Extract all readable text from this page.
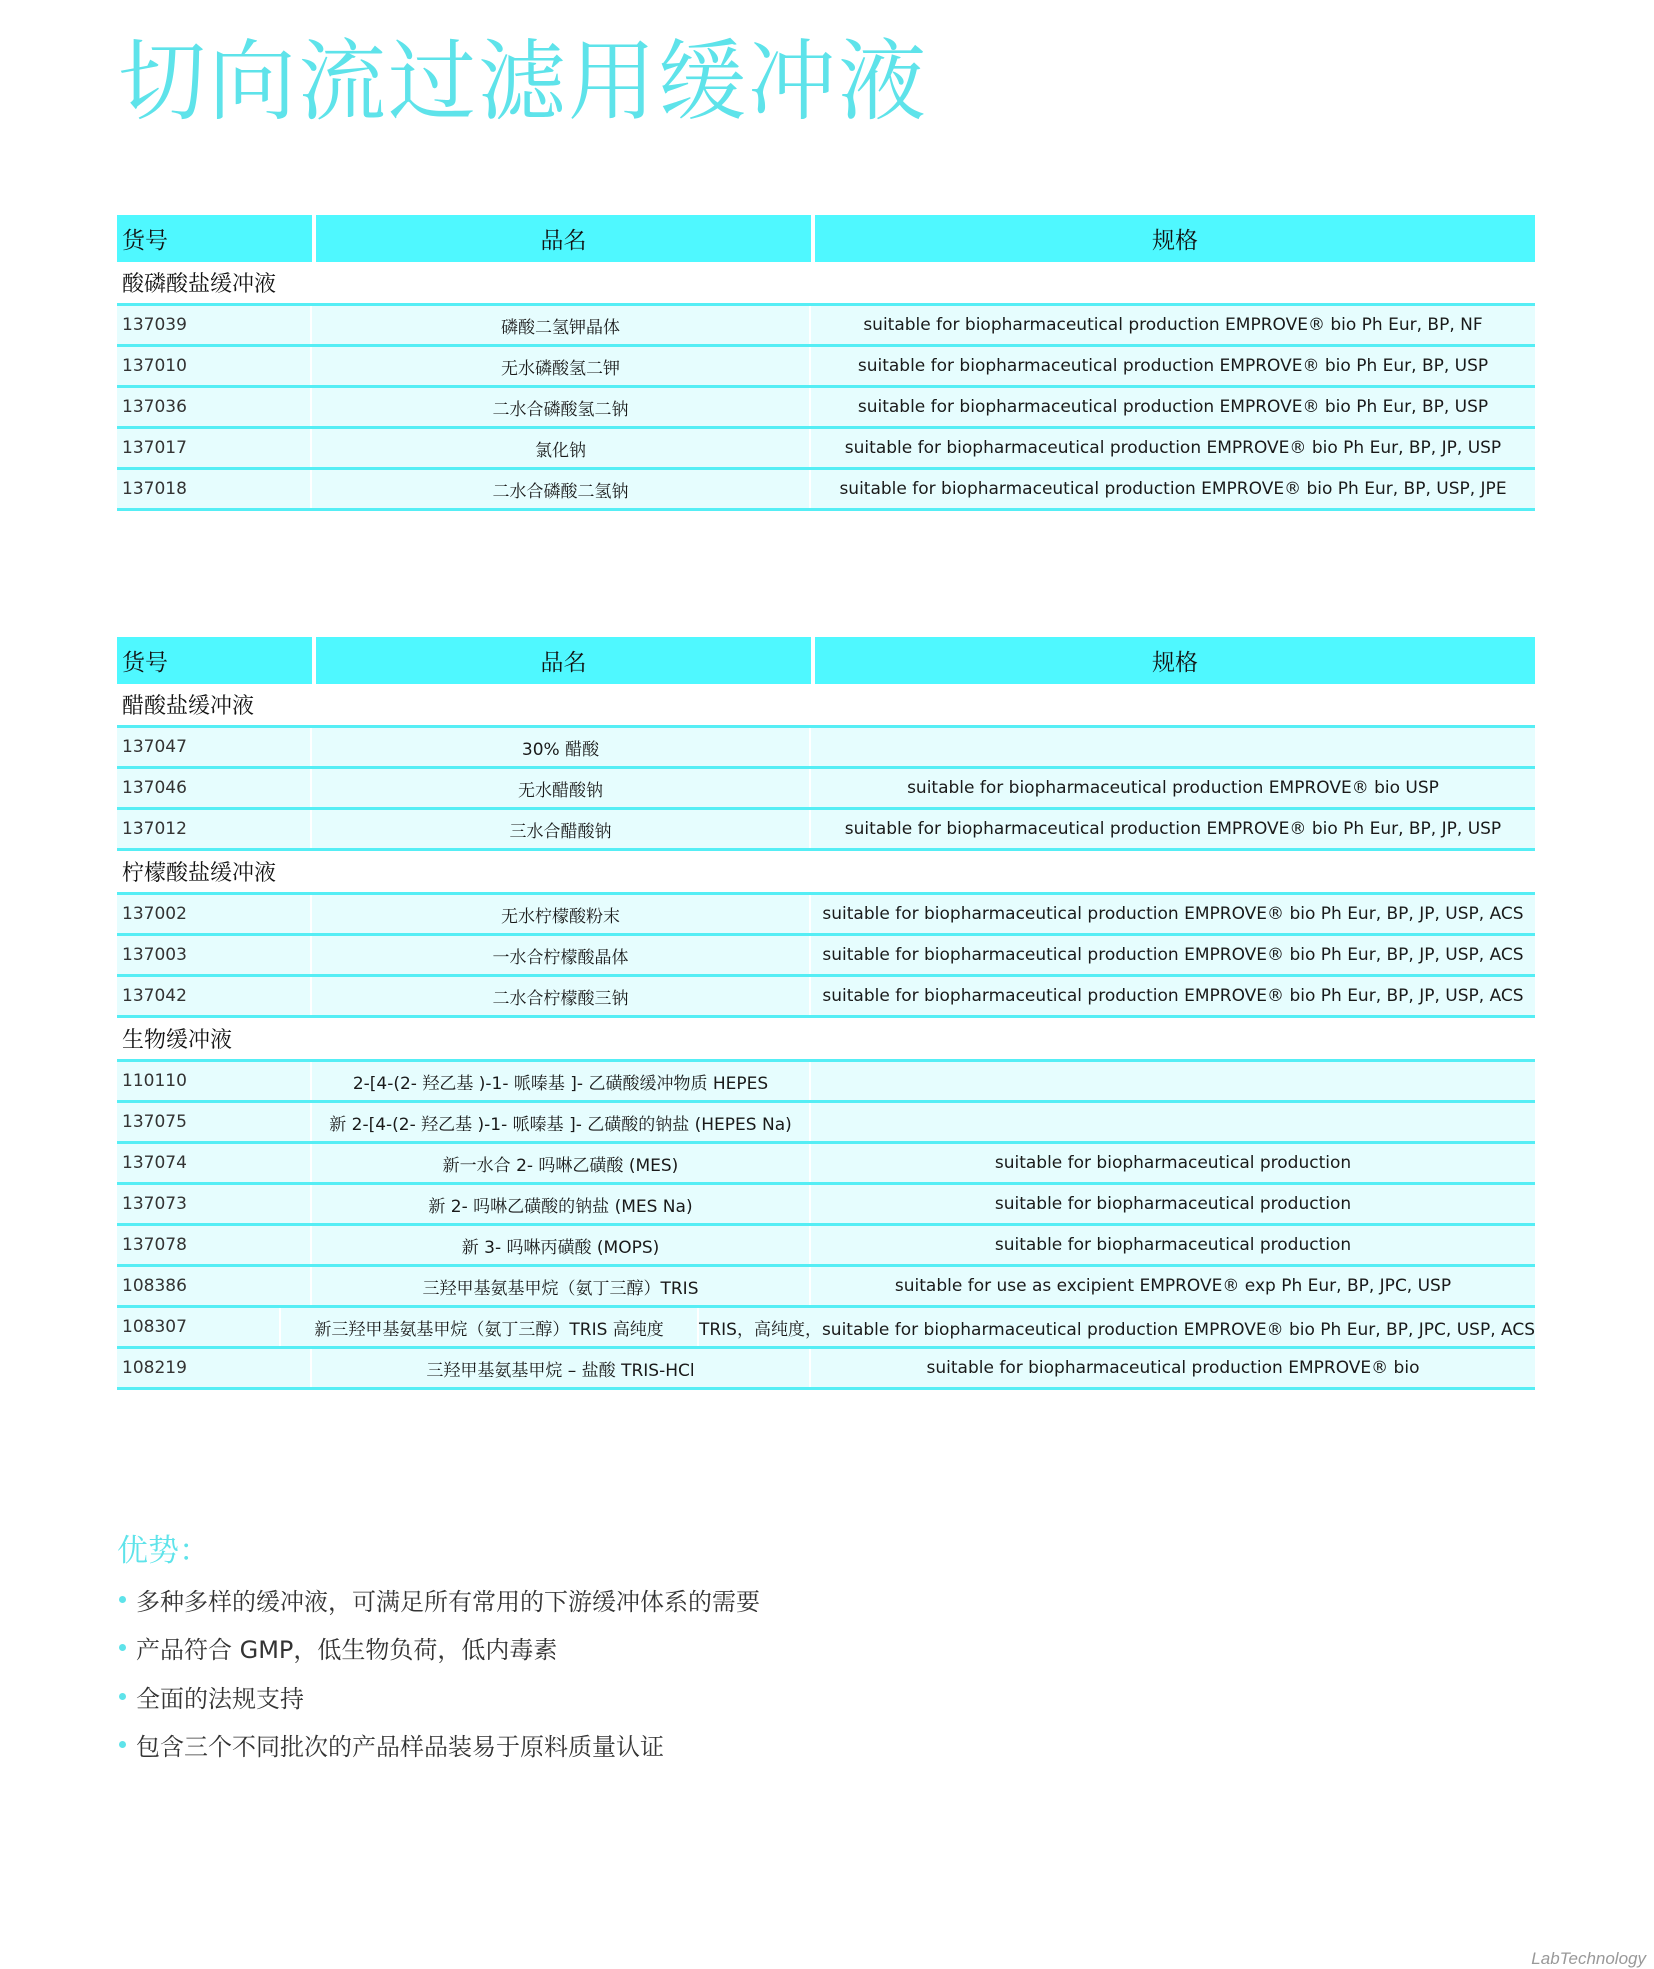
切向流过滤用缓冲液
货号	品名	规格
酸磷酸盐缓冲液
137039	磷酸二氢钾晶体	suitable for biopharmaceutical production EMPROVE® bio Ph Eur, BP, NF
137010	无水磷酸氢二钾	suitable for biopharmaceutical production EMPROVE® bio Ph Eur, BP, USP
137036	二水合磷酸氢二钠	suitable for biopharmaceutical production EMPROVE® bio Ph Eur, BP, USP
137017	氯化钠	suitable for biopharmaceutical production EMPROVE® bio Ph Eur, BP, JP, USP
137018	二水合磷酸二氢钠	suitable for biopharmaceutical production EMPROVE® bio Ph Eur, BP, USP, JPE
货号	品名	规格
醋酸盐缓冲液
137047	30% 醋酸
137046	无水醋酸钠	suitable for biopharmaceutical production EMPROVE® bio USP
137012	三水合醋酸钠	suitable for biopharmaceutical production EMPROVE® bio Ph Eur, BP, JP, USP
柠檬酸盐缓冲液
137002	无水柠檬酸粉末	suitable for biopharmaceutical production EMPROVE® bio Ph Eur, BP, JP, USP, ACS
137003	一水合柠檬酸晶体	suitable for biopharmaceutical production EMPROVE® bio Ph Eur, BP, JP, USP, ACS
137042	二水合柠檬酸三钠	suitable for biopharmaceutical production EMPROVE® bio Ph Eur, BP, JP, USP, ACS
生物缓冲液
110110	2-[4-(2- 羟乙基 )-1- 哌嗪基 ]- 乙磺酸缓冲物质 HEPES
137075	新 2-[4-(2- 羟乙基 )-1- 哌嗪基 ]- 乙磺酸的钠盐 (HEPES Na)
137074	新一水合 2- 吗啉乙磺酸 (MES)	suitable for biopharmaceutical production
137073	新 2- 吗啉乙磺酸的钠盐 (MES Na)	suitable for biopharmaceutical production
137078	新 3- 吗啉丙磺酸 (MOPS)	suitable for biopharmaceutical production
108386	三羟甲基氨基甲烷（氨丁三醇）TRIS	suitable for use as excipient EMPROVE® exp Ph Eur, BP, JPC, USP
108307	新三羟甲基氨基甲烷（氨丁三醇）TRIS 高纯度	TRIS，高纯度，suitable for biopharmaceutical production EMPROVE® bio Ph Eur, BP, JPC, USP, ACS
108219	三羟甲基氨基甲烷 – 盐酸 TRIS-HCl	suitable for biopharmaceutical production EMPROVE® bio
优势：
多种多样的缓冲液，可满足所有常用的下游缓冲体系的需要
产品符合 GMP，低生物负荷，低内毒素
全面的法规支持
包含三个不同批次的产品样品装易于原料质量认证
LabTechnology
